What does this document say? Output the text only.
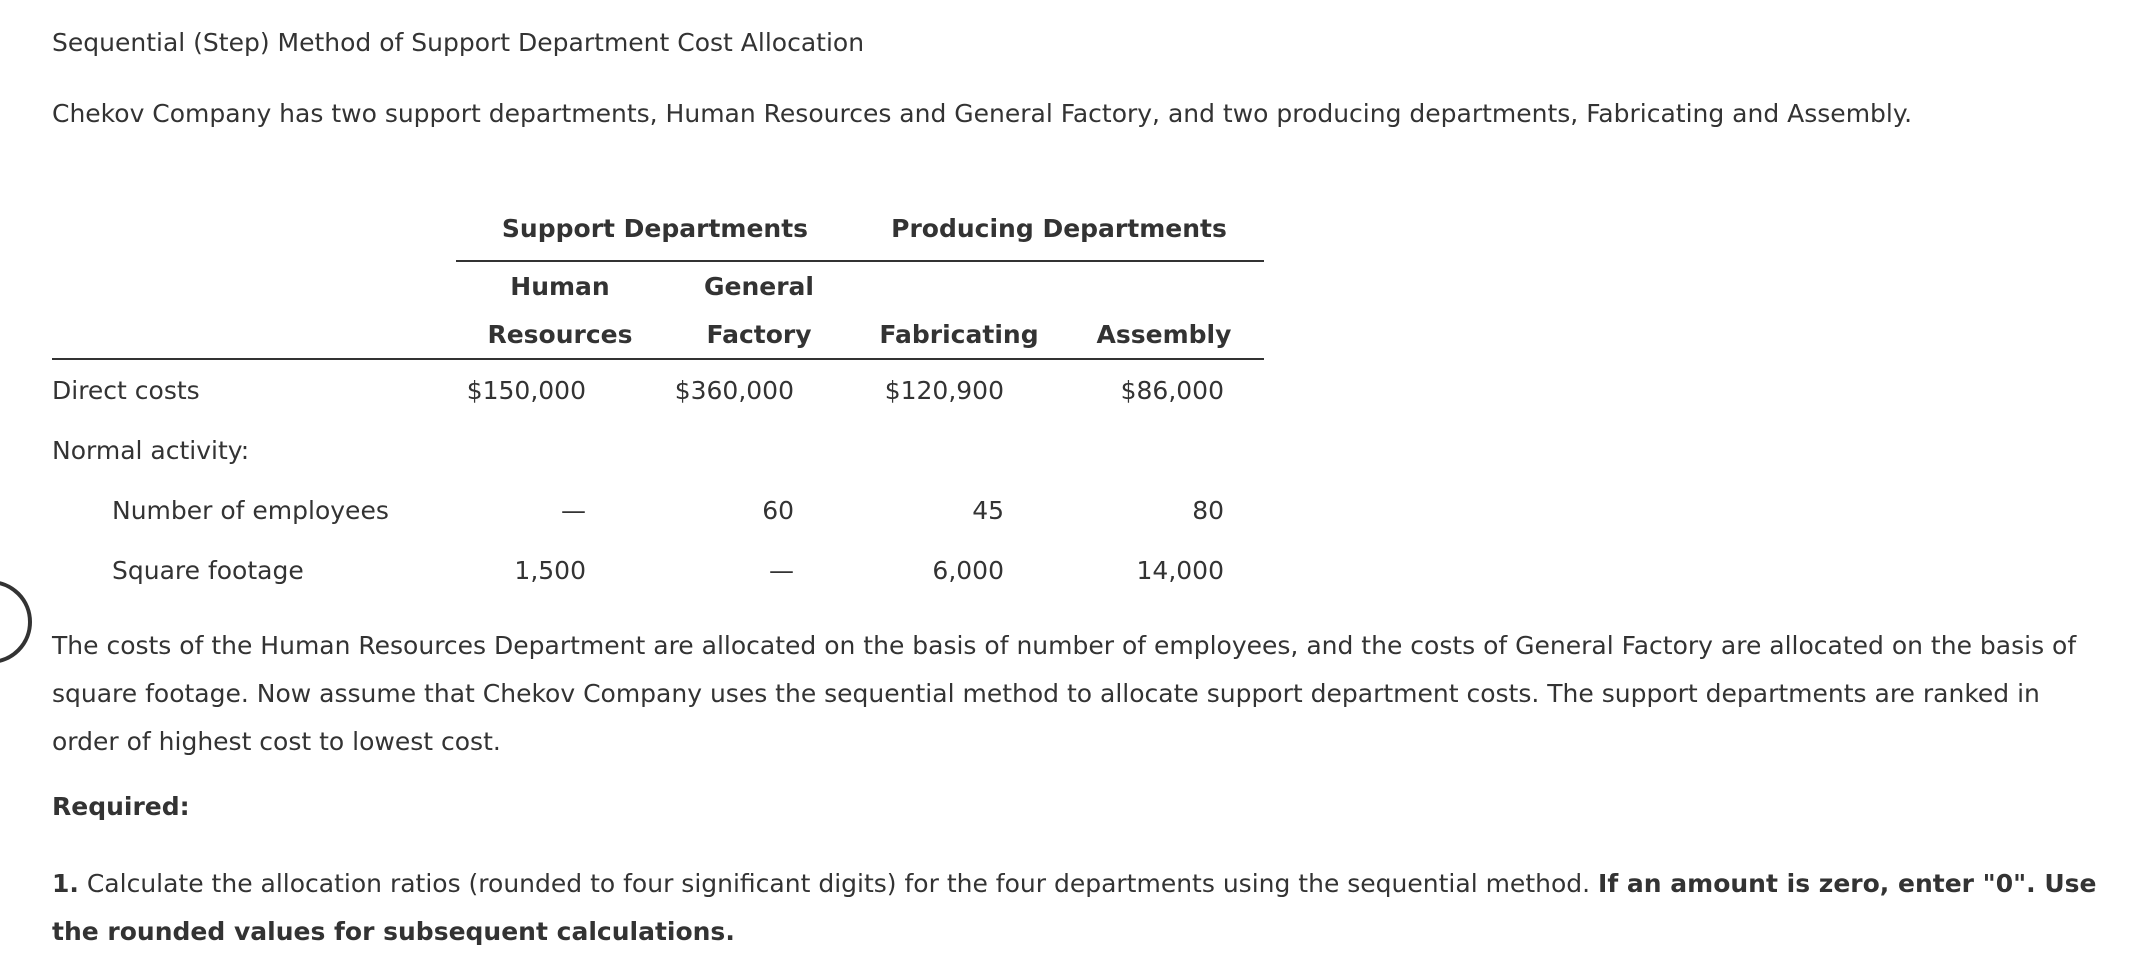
Sequential (Step) Method of Support Department Cost Allocation
Chekov Company has two support departments, Human Resources and General Factory, and two producing departments, Fabricating and Assembly.
	Support Departments		Producing Departments	
	Human	General		
	Resources	Factory	Fabricating	Assembly
Direct costs	$150,000	$360,000	$120,900	$86,000
Normal activity:				
Number of employees	—	60	45	80
Square footage	1,500	—	6,000	14,000
The costs of the Human Resources Department are allocated on the basis of number of employees, and the costs of General Factory are allocated on the basis of square footage. Now assume that Chekov Company uses the sequential method to allocate support department costs. The support departments are ranked in order of highest cost to lowest cost.
Required:
1. Calculate the allocation ratios (rounded to four significant digits) for the four departments using the sequential method. If an amount is zero, enter "0". Use the rounded values for subsequent calculations.
